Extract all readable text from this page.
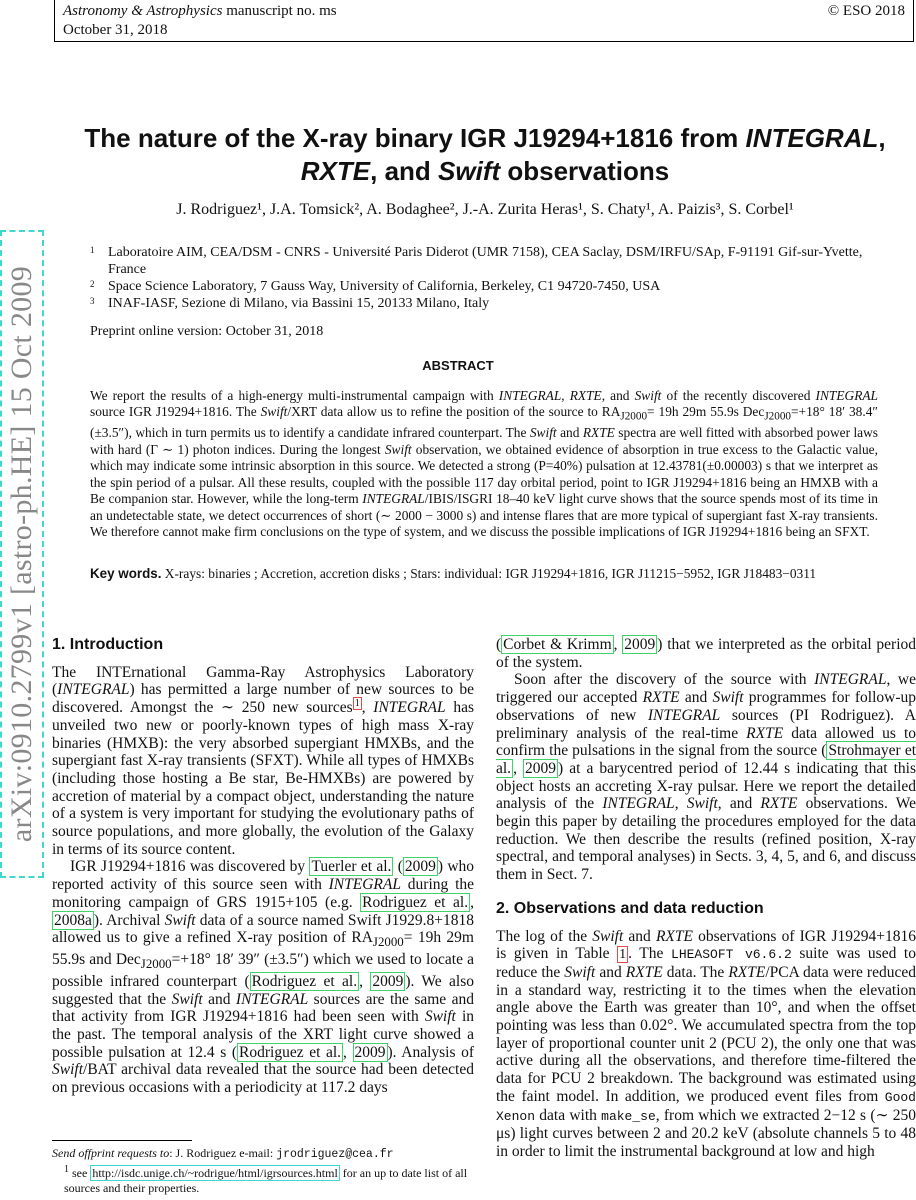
Astronomy & Astrophysics manuscript no. ms
October 31, 2018
© ESO 2018
arXiv:0910.2799v1 [astro-ph.HE] 15 Oct 2009
The nature of the X-ray binary IGR J19294+1816 from INTEGRAL,
RXTE, and Swift observations
J. Rodriguez¹, J.A. Tomsick², A. Bodaghee², J.-A. Zurita Heras¹, S. Chaty¹, A. Paizis³, S. Corbel¹
1 Laboratoire AIM, CEA/DSM - CNRS - Université Paris Diderot (UMR 7158), CEA Saclay, DSM/IRFU/SAp, F-91191 Gif-sur-Yvette, France
2 Space Science Laboratory, 7 Gauss Way, University of California, Berkeley, C1 94720-7450, USA
3 INAF-IASF, Sezione di Milano, via Bassini 15, 20133 Milano, Italy
Preprint online version: October 31, 2018
ABSTRACT
We report the results of a high-energy multi-instrumental campaign with INTEGRAL, RXTE, and Swift of the recently discovered INTEGRAL source IGR J19294+1816. The Swift/XRT data allow us to refine the position of the source to $RA_{J2000}= 19h$ 29m 55.9s Dec$_{J2000}$=+18° 18′ 38.4″ (±3.5″), which in turn permits us to identify a candidate infrared counterpart. The Swift and RXTE spectra are well fitted with absorbed power laws with hard (Γ ∼ 1) photon indices. During the longest Swift observation, we obtained evidence of absorption in true excess to the Galactic value, which may indicate some intrinsic absorption in this source. We detected a strong (P=40%) pulsation at 12.43781(±0.00003) s that we interpret as the spin period of a pulsar. All these results, coupled with the possible 117 day orbital period, point to IGR J19294+1816 being an HMXB with a Be companion star. However, while the long-term INTEGRAL/IBIS/ISGRI 18–40 keV light curve shows that the source spends most of its time in an undetectable state, we detect occurrences of short (∼ 2000 − 3000 s) and intense flares that are more typical of supergiant fast X-ray transients. We therefore cannot make firm conclusions on the type of system, and we discuss the possible implications of IGR J19294+1816 being an SFXT.
Key words. X-rays: binaries ; Accretion, accretion disks ; Stars: individual: IGR J19294+1816, IGR J11215−5952, IGR J18483−0311
1. Introduction

The INTErnational Gamma-Ray Astrophysics Laboratory (INTEGRAL) has permitted a large number of new sources to be discovered. Amongst the ∼ 250 new sources $^1$ , INTEGRAL has unveiled two new or poorly-known types of high mass X-ray binaries (HMXB): the very absorbed supergiant HMXBs, and the supergiant fast X-ray transients (SFXT). While all types of HMXBs (including those hosting a Be star, Be-HMXBs) are powered by accretion of material by a compact object, understanding the nature of a system is very important for studying the evolutionary paths of source populations, and more globally, the evolution of the Galaxy in terms of its source content.

IGR J19294+1816 was discovered by Tuerler et al. ( 2009 ) who reported activity of this source seen with INTEGRAL during the monitoring campaign of GRS 1915+105 (e.g. Rodriguez et al. , 2008a ). Archival Swift data of a source named Swift J1929.8+1818 allowed us to give a refined X-ray position of $RA_{J2000}= 19h$ 29m 55.9s and Dec$_{J2000}$=+18° 18′ 39″ (±3.5″) which we used to locate a possible infrared counterpart ( Rodriguez et al. , 2009 ). We also suggested that the Swift and INTEGRAL sources are the same and that activity from IGR J19294+1816 had been seen with Swift in the past. The temporal analysis of the XRT light curve showed a possible pulsation at 12.4 s ( Rodriguez et al. , 2009 ). Analysis of Swift/BAT archival data revealed that the source had been detected on previous occasions with a periodicity at 117.2 days

( Corbet & Krimm , 2009 ) that we interpreted as the orbital period of the system.

Soon after the discovery of the source with INTEGRAL, we triggered our accepted RXTE and Swift programmes for follow-up observations of new INTEGRAL sources (PI Rodriguez). A preliminary analysis of the real-time RXTE data allowed us to confirm the pulsations in the signal from the source ( Strohmayer et al. , 2009 ) at a barycentred period of 12.44 s indicating that this object hosts an accreting X-ray pulsar. Here we report the detailed analysis of the INTEGRAL, Swift, and RXTE observations. We begin this paper by detailing the procedures employed for the data reduction. We then describe the results (refined position, X-ray spectral, and temporal analyses) in Sects. 3, 4, 5, and 6, and discuss them in Sect. 7.

2. Observations and data reduction

The log of the Swift and RXTE observations of IGR J19294+1816 is given in Table 1 . The LHEASOFT v6.6.2 suite was used to reduce the Swift and RXTE data. The RXTE/PCA data were reduced in a standard way, restricting it to the times when the elevation angle above the Earth was greater than 10°, and when the offset pointing was less than 0.02°. We accumulated spectra from the top layer of proportional counter unit 2 (PCU 2), the only one that was active during all the observations, and therefore time-filtered the data for PCU 2 breakdown. The background was estimated using the faint model. In addition, we produced event files from Good Xenon data with make_se, from which we extracted 2−12 s (∼ 250 μs) light curves between 2 and 20.2 keV (absolute channels 5 to 48 in order to limit the instrumental background at low and high

Send offprint requests to: J. Rodriguez e-mail: jrodriguez@cea.fr
$^1$ see http://isdc.unige.ch/~rodrigue/html/igrsources.html for an up to date list of all sources and their properties.
